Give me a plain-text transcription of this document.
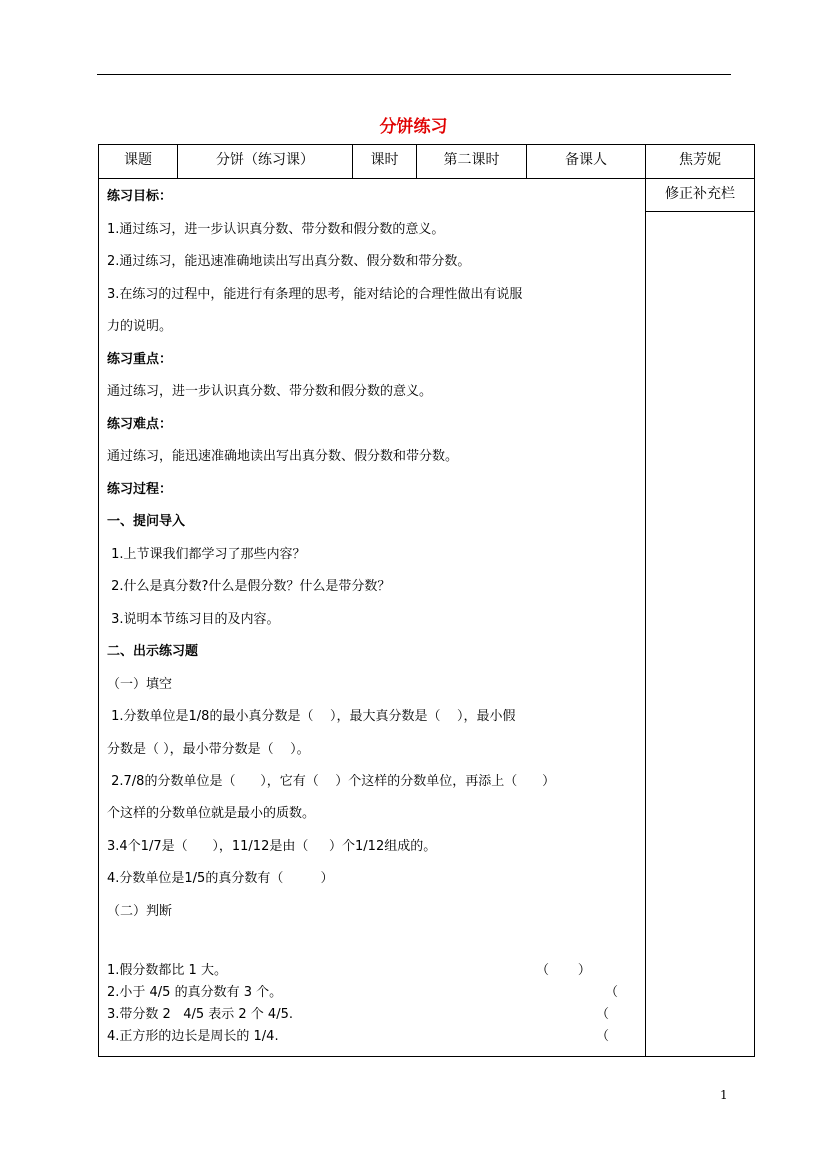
分饼练习
课题	分饼（练习课）	课时	第二课时	备课人	焦芳妮
修正补充栏
练习目标：
1.通过练习，进一步认识真分数、带分数和假分数的意义。
2.通过练习，能迅速准确地读出写出真分数、假分数和带分数。
3.在练习的过程中，能进行有条理的思考，能对结论的合理性做出有说服
力的说明。
练习重点：
通过练习，进一步认识真分数、带分数和假分数的意义。
练习难点：
通过练习，能迅速准确地读出写出真分数、假分数和带分数。
练习过程：
一、提问导入
1.上节课我们都学习了那些内容？
2.什么是真分数?什么是假分数？什么是带分数？
3.说明本节练习目的及内容。
二、出示练习题
（一）填空
1.分数单位是1/8的最小真分数是（    ），最大真分数是（    ），最小假
分数是（ ），最小带分数是（    ）。
2.7/8的分数单位是（      ），它有（    ）个这样的分数单位，再添上（      ）
个这样的分数单位就是最小的质数。
3.4个1/7是（      ），11/12是由（     ）个1/12组成的。
4.分数单位是1/5的真分数有（         ）
（二）判断
1.假分数都比 1 大。	（       ）
2.小于 4/5 的真分数有 3 个。	（
3.带分数 2   4/5 表示 2 个 4/5.	（
4.正方形的边长是周长的 1/4.	（
1
